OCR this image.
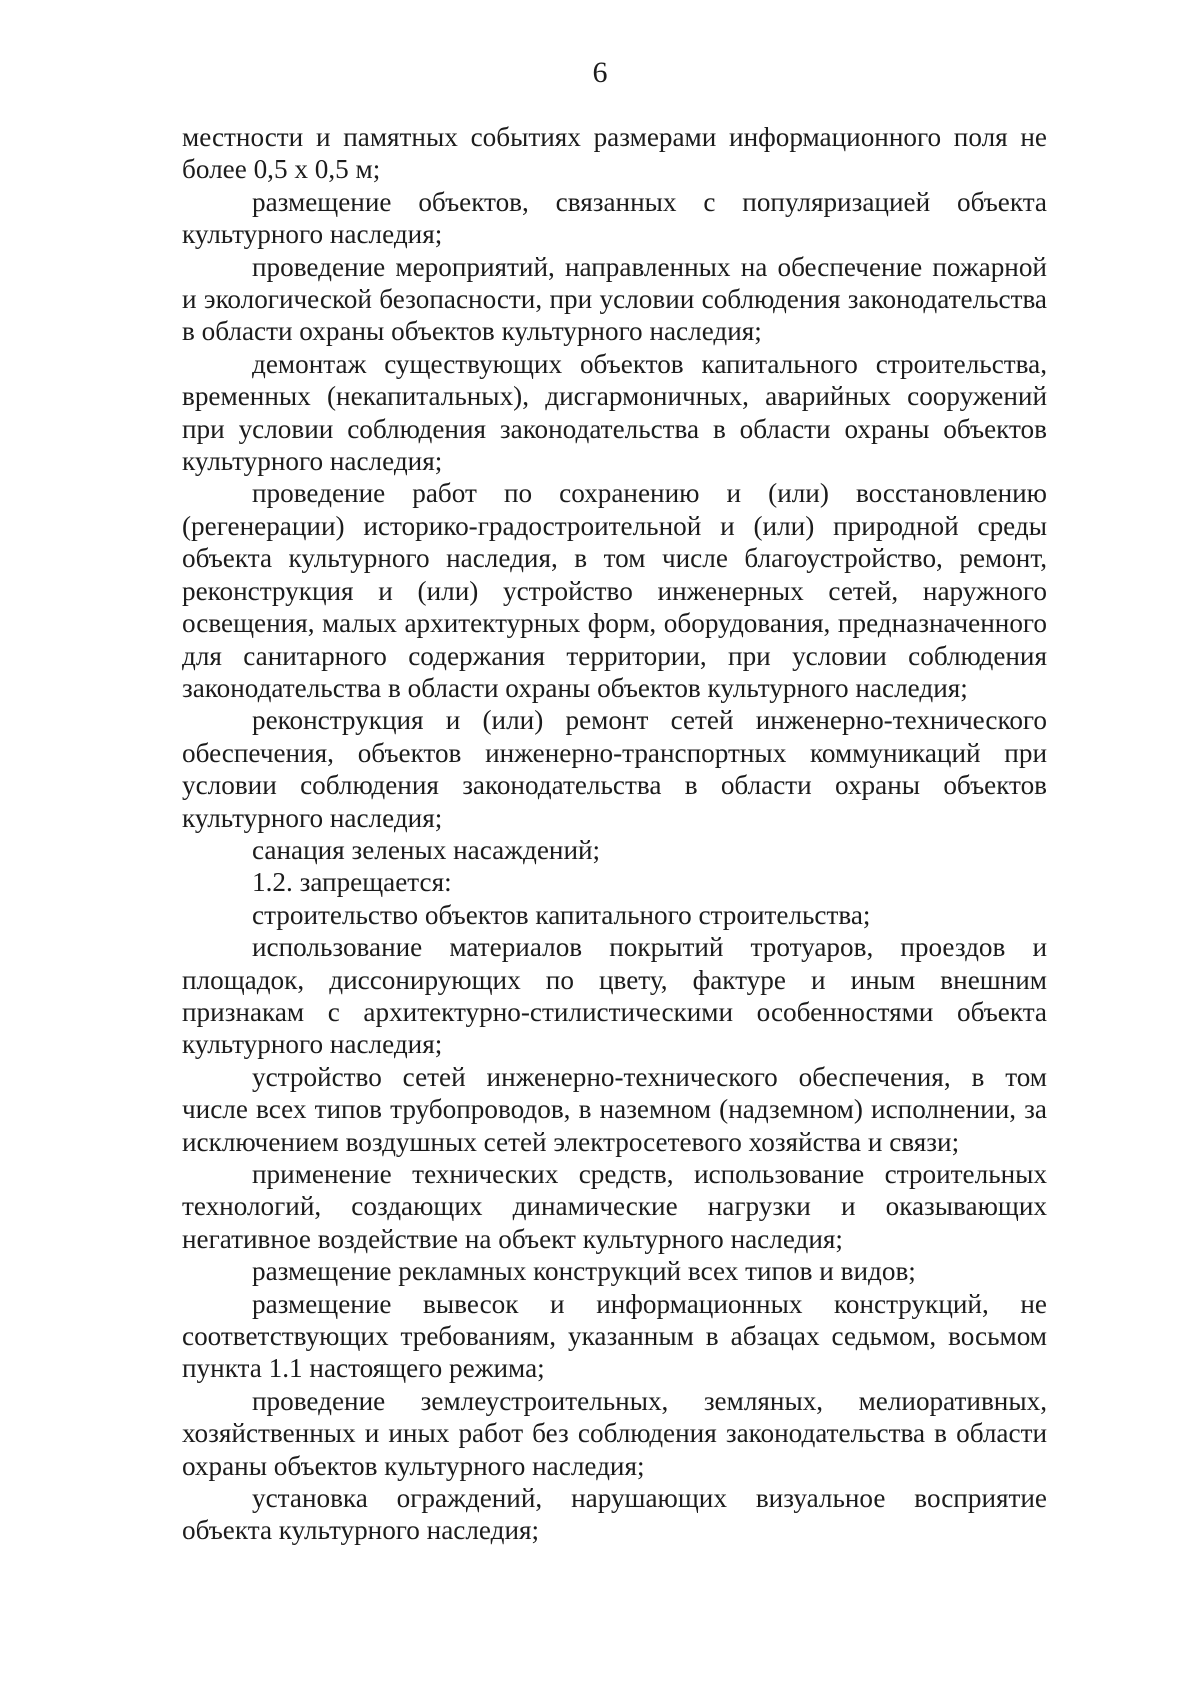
6

местности и памятных событиях размерами информационного поля не более 0,5 х 0,5 м;

размещение объектов, связанных с популяризацией объекта культурного наследия;

проведение мероприятий, направленных на обеспечение пожарной и экологической безопасности, при условии соблюдения законодательства в области охраны объектов культурного наследия;

демонтаж существующих объектов капитального строительства, временных (некапитальных), дисгармоничных, аварийных сооружений при условии соблюдения законодательства в области охраны объектов культурного наследия;

проведение работ по сохранению и (или) восстановлению (регенерации) историко-градостроительной и (или) природной среды объекта культурного наследия, в том числе благоустройство, ремонт, реконструкция и (или) устройство инженерных сетей, наружного освещения, малых архитектурных форм, оборудования, предназначенного для санитарного содержания территории, при условии соблюдения законодательства в области охраны объектов культурного наследия;

реконструкция и (или) ремонт сетей инженерно-технического обеспечения, объектов инженерно-транспортных коммуникаций при условии соблюдения законодательства в области охраны объектов культурного наследия;

санация зеленых насаждений;

1.2. запрещается:

строительство объектов капитального строительства;

использование материалов покрытий тротуаров, проездов и площадок, диссонирующих по цвету, фактуре и иным внешним признакам с архитектурно-стилистическими особенностями объекта культурного наследия;

устройство сетей инженерно-технического обеспечения, в том числе всех типов трубопроводов, в наземном (надземном) исполнении, за исключением воздушных сетей электросетевого хозяйства и связи;

применение технических средств, использование строительных технологий, создающих динамические нагрузки и оказывающих негативное воздействие на объект культурного наследия;

размещение рекламных конструкций всех типов и видов;

размещение вывесок и информационных конструкций, не соответствующих требованиям, указанным в абзацах седьмом, восьмом пункта 1.1 настоящего режима;

проведение землеустроительных, земляных, мелиоративных, хозяйственных и иных работ без соблюдения законодательства в области охраны объектов культурного наследия;

установка ограждений, нарушающих визуальное восприятие объекта культурного наследия;
